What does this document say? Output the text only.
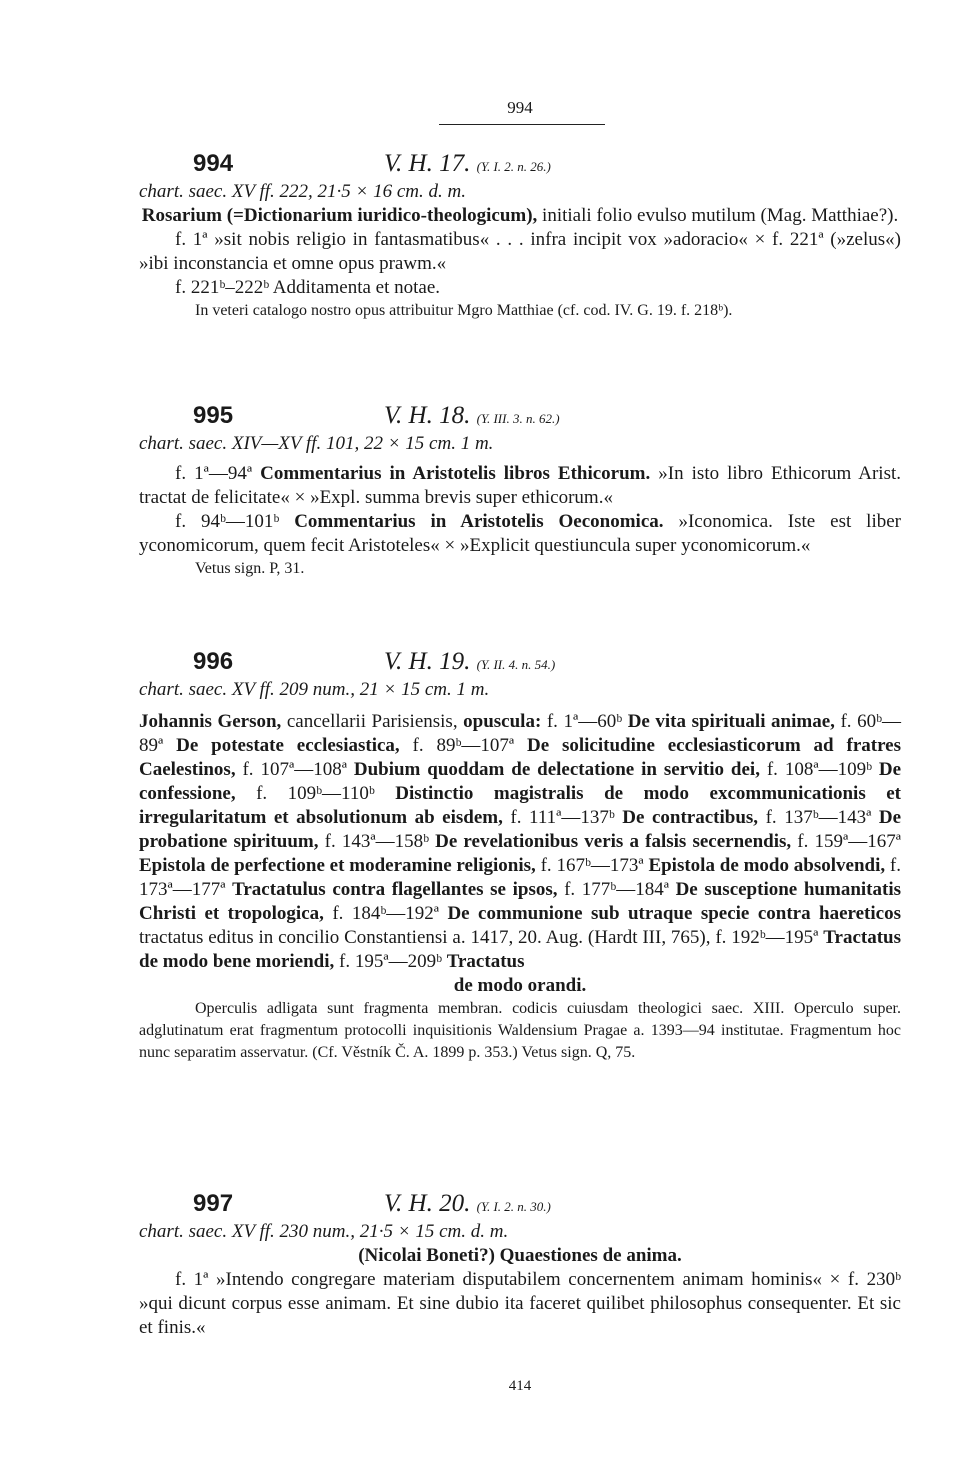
994
994	V. H. 17. (Y. I. 2. n. 26.)
chart. saec. XV ff. 222, 21·5 × 16 cm. d. m.

Rosarium (=Dictionarium iuridico-theologicum), initiali folio evulso mutilum (Mag. Matthiae?).

f. 1ª »sit nobis religio in fantasmatibus« . . . infra incipit vox »adoracio« × f. 221ª (»zelus«) »ibi inconstancia et omne opus prawm.«

f. 221ᵇ–222ᵇ Additamenta et notae.

In veteri catalogo nostro opus attribuitur Mgro Matthiae (cf. cod. IV. G. 19. f. 218ᵇ).

995	V. H. 18. (Y. III. 3. n. 62.)
chart. saec. XIV—XV ff. 101, 22 × 15 cm. 1 m.

f. 1ª—94ª Commentarius in Aristotelis libros Ethicorum. »In isto libro Ethicorum Arist. tractat de felicitate« × »Expl. summa brevis super ethicorum.«

f. 94ᵇ—101ᵇ Commentarius in Aristotelis Oeconomica. »Iconomica. Iste est liber yconomicorum, quem fecit Aristoteles« × »Explicit questiuncula super yconomicorum.«

Vetus sign. P, 31.

996	V. H. 19. (Y. II. 4. n. 54.)
chart. saec. XV ff. 209 num., 21 × 15 cm. 1 m.

Johannis Gerson, cancellarii Parisiensis, opuscula: f. 1ª—60ᵇ De vita spirituali animae, f. 60ᵇ—89ª De potestate ecclesiastica, f. 89ᵇ—107ª De solicitudine ecclesiasticorum ad fratres Caelestinos, f. 107ª—108ª Dubium quoddam de delectatione in servitio dei, f. 108ª—109ᵇ De confessione, f. 109ᵇ—110ᵇ Distinctio magistralis de modo excommunicationis et irregularitatum et absolutionum ab eisdem, f. 111ª—137ᵇ De contractibus, f. 137ᵇ—143ª De probatione spirituum, f. 143ª—158ᵇ De revelationibus veris a falsis secernendis, f. 159ª—167ª Epistola de perfectione et moderamine religionis, f. 167ᵇ—173ª Epistola de modo absolvendi, f. 173ª—177ª Tractatulus contra flagellantes se ipsos, f. 177ᵇ—184ª De susceptione humanitatis Christi et tropologica, f. 184ᵇ—192ª De communione sub utraque specie contra haereticos tractatus editus in concilio Constantiensi a. 1417, 20. Aug. (Hardt III, 765), f. 192ᵇ—195ª Tractatus de modo bene moriendi, f. 195ª—209ᵇ Tractatus

de modo orandi.

Operculis adligata sunt fragmenta membran. codicis cuiusdam theologici saec. XIII. Operculo super. adglutinatum erat fragmentum protocolli inquisitionis Waldensium Pragae a. 1393—94 institutae. Fragmentum hoc nunc separatim asservatur. (Cf. Věstník Č. A. 1899 p. 353.) Vetus sign. Q, 75.

997	V. H. 20. (Y. I. 2. n. 30.)
chart. saec. XV ff. 230 num., 21·5 × 15 cm. d. m.

(Nicolai Boneti?) Quaestiones de anima.

f. 1ª »Intendo congregare materiam disputabilem concernentem animam hominis« × f. 230ᵇ »qui dicunt corpus esse animam. Et sine dubio ita faceret quilibet philosophus consequenter. Et sic et finis.«

414
